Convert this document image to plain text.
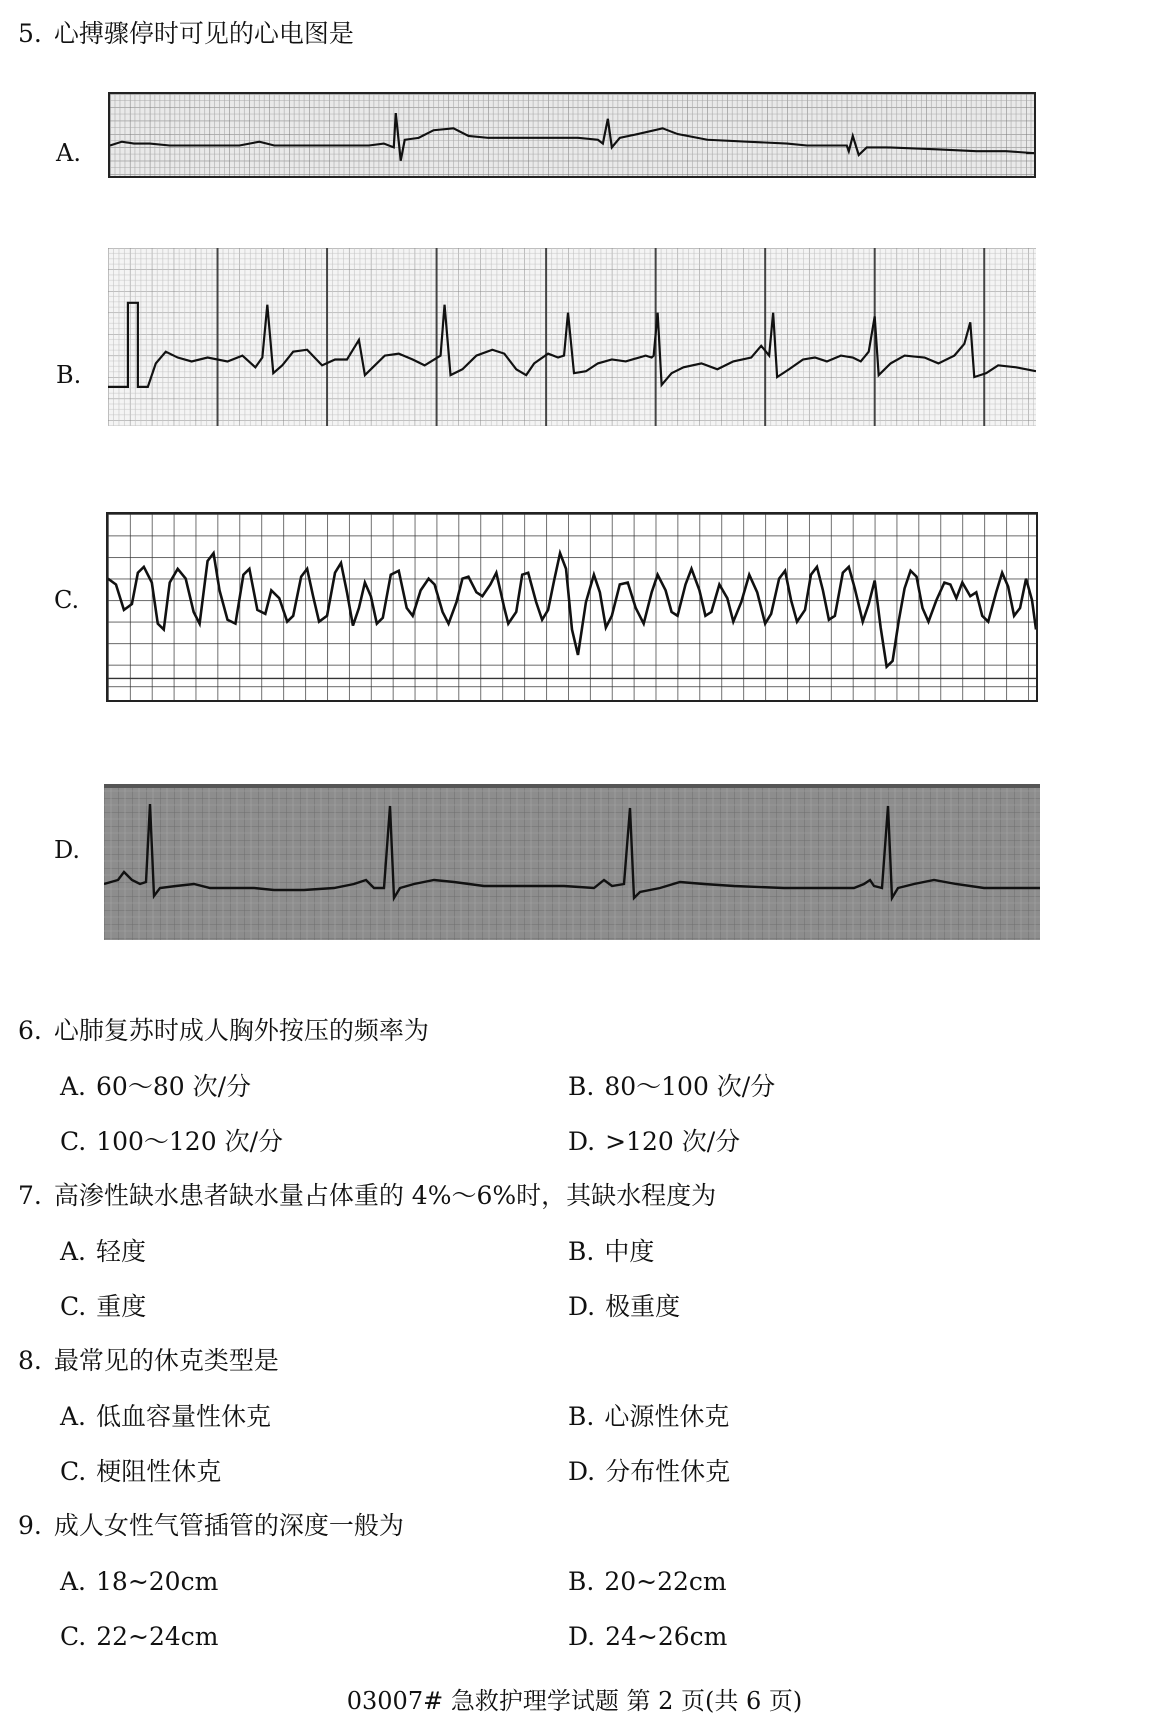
5. 心搏骤停时可见的心电图是
A.
B.
C.
D.
6. 心肺复苏时成人胸外按压的频率为
A. 60～80 次/分	B. 80～100 次/分
C. 100～120 次/分	D. >120 次/分
7. 高渗性缺水患者缺水量占体重的 4%～6%时，其缺水程度为
A. 轻度	B. 中度
C. 重度	D. 极重度
8. 最常见的休克类型是
A. 低血容量性休克	B. 心源性休克
C. 梗阻性休克	D. 分布性休克
9. 成人女性气管插管的深度一般为
A. 18~20cm	B. 20~22cm
C. 22~24cm	D. 24~26cm
03007# 急救护理学试题 第 2 页(共 6 页)
